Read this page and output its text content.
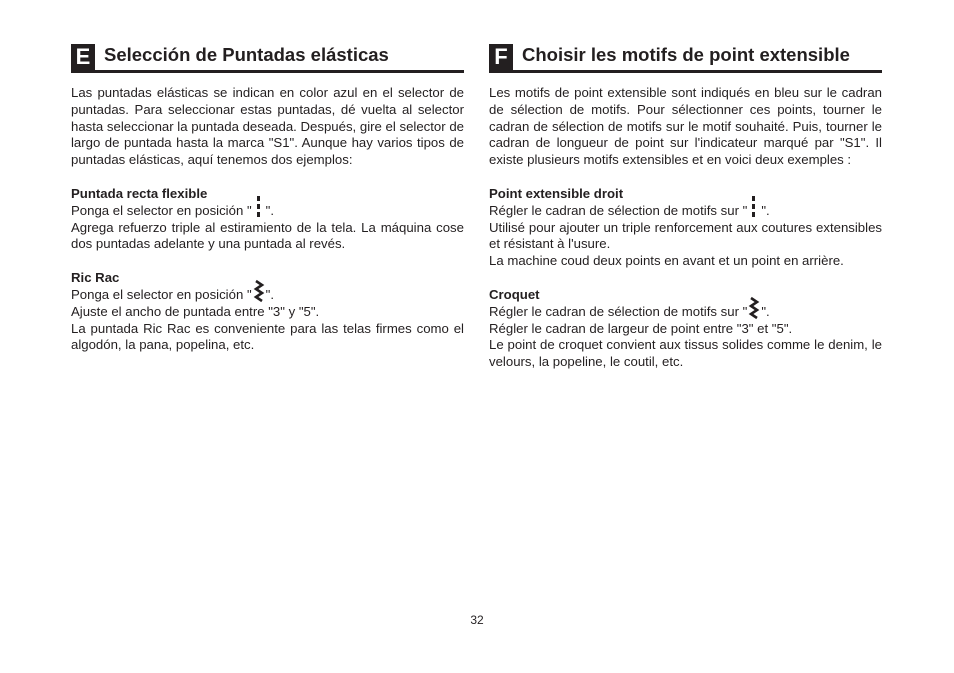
E Selección de Puntadas elásticas

Las puntadas elásticas se indican en color azul en el selector de puntadas. Para seleccionar estas puntadas, dé vuelta al selector hasta seleccionar la puntada deseada. Después, gire el selector de largo de puntada hasta la marca "S1". Aunque hay varios tipos de puntadas elásticas, aquí tenemos dos ejemplos:

Puntada recta flexible
Ponga el selector en posición " ".

Agrega refuerzo triple al estiramiento de la tela. La máquina cose dos puntadas adelante y una puntada al revés.

Ric Rac
Ponga el selector en posición " ".
Ajuste el ancho de puntada entre "3" y "5".

La puntada Ric Rac es conveniente para las telas firmes como el algodón, la pana, popelina, etc.

F Choisir les motifs de point extensible

Les motifs de point extensible sont indiqués en bleu sur le cadran de sélection de motifs. Pour sélectionner ces points, tourner le cadran de sélection de motifs sur le motif souhaité. Puis, tourner le cadran de longueur de point sur l'indicateur marqué par "S1". Il existe plusieurs motifs extensibles et en voici deux exemples :

Point extensible droit
Régler le cadran de sélection de motifs sur " ".

Utilisé pour ajouter un triple renforcement aux coutures extensibles et résistant à l'usure.

La machine coud deux points en avant et un point en arrière.

Croquet
Régler le cadran de sélection de motifs sur " ".
Régler le cadran de largeur de point entre "3" et "5".

Le point de croquet convient aux tissus solides comme le denim, le velours, la popeline, le coutil, etc.

32
